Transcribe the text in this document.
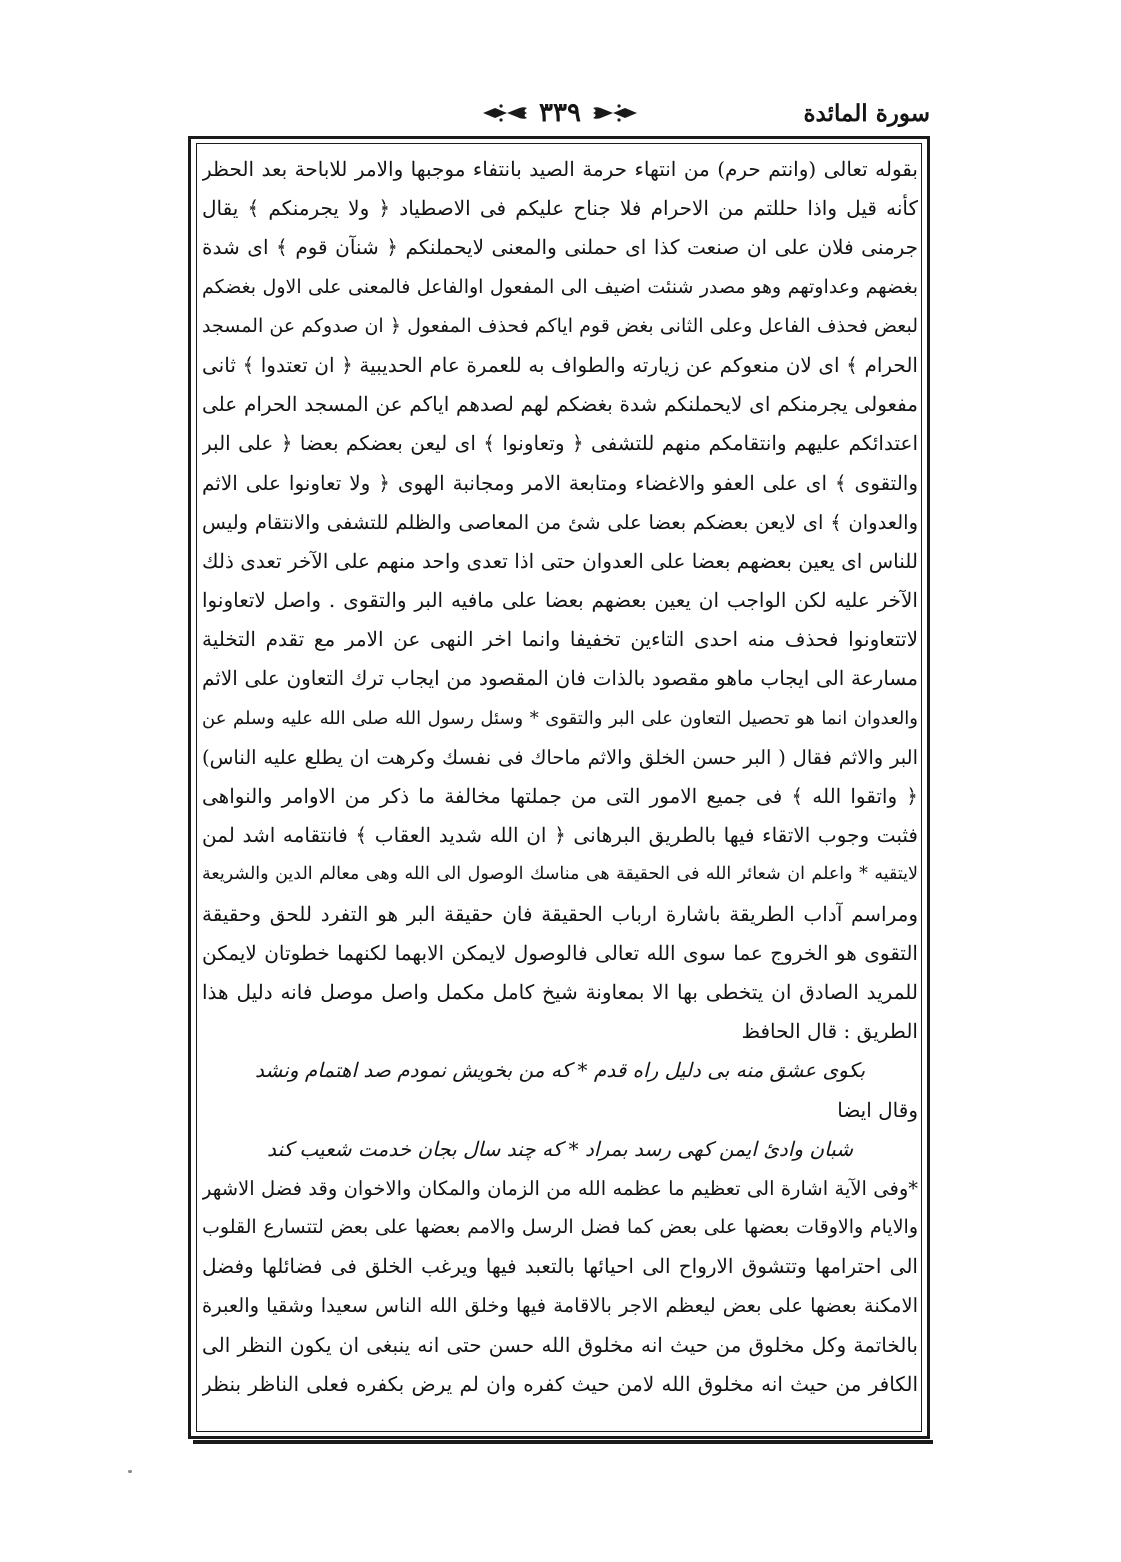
سورة المائدة
٣٣٩
بقوله تعالى (وانتم حرم) من انتهاء حرمة الصيد بانتفاء موجبها والامر للاباحة بعد الحظر
كأنه قيل واذا حللتم من الاحرام فلا جناح عليكم فى الاصطياد ﴿ ولا يجرمنكم ﴾ يقال
جرمنى فلان على ان صنعت كذا اى حملنى والمعنى لايحملنكم ﴿ شنآن قوم ﴾ اى شدة
بغضهم وعداوتهم وهو مصدر شنئت اضيف الى المفعول اوالفاعل فالمعنى على الاول بغضكم
لبعض فحذف الفاعل وعلى الثانى بغض قوم اياكم فحذف المفعول ﴿ ان صدوكم عن المسجد
الحرام ﴾ اى لان منعوكم عن زيارته والطواف به للعمرة عام الحديبية ﴿ ان تعتدوا ﴾ ثانى
مفعولى يجرمنكم اى لايحملنكم شدة بغضكم لهم لصدهم اياكم عن المسجد الحرام على
اعتدائكم عليهم وانتقامكم منهم للتشفى ﴿ وتعاونوا ﴾ اى ليعن بعضكم بعضا ﴿ على البر
والتقوى ﴾ اى على العفو والاغضاء ومتابعة الامر ومجانبة الهوى ﴿ ولا تعاونوا على الاثم
والعدوان ﴾ اى لايعن بعضكم بعضا على شئ من المعاصى والظلم للتشفى والانتقام وليس
للناس اى يعين بعضهم بعضا على العدوان حتى اذا تعدى واحد منهم على الآخر تعدى ذلك
الآخر عليه لكن الواجب ان يعين بعضهم بعضا على مافيه البر والتقوى . واصل لاتعاونوا
لاتتعاونوا فحذف منه احدى التاءين تخفيفا وانما اخر النهى عن الامر مع تقدم التخلية
مسارعة الى ايجاب ماهو مقصود بالذات فان المقصود من ايجاب ترك التعاون على الاثم
والعدوان انما هو تحصيل التعاون على البر والتقوى * وسئل رسول الله صلى الله عليه وسلم عن
البر والاثم فقال ( البر حسن الخلق والاثم ماحاك فى نفسك وكرهت ان يطلع عليه الناس)
﴿ واتقوا الله ﴾ فى جميع الامور التى من جملتها مخالفة ما ذكر من الاوامر والنواهى
فثبت وجوب الاتقاء فيها بالطريق البرهانى ﴿ ان الله شديد العقاب ﴾ فانتقامه اشد لمن
لايتقيه * واعلم ان شعائر الله فى الحقيقة هى مناسك الوصول الى الله وهى معالم الدين والشريعة
ومراسم آداب الطريقة باشارة ارباب الحقيقة فان حقيقة البر هو التفرد للحق وحقيقة
التقوى هو الخروج عما سوى الله تعالى فالوصول لايمكن الابهما لكنهما خطوتان لايمكن
للمريد الصادق ان يتخطى بها الا بمعاونة شيخ كامل مكمل واصل موصل فانه دليل هذا
الطريق : قال الحافظ
بكوى عشق منه بى دليل راه قدم * كه من بخويش نمودم صد اهتمام ونشد
وقال ايضا
شبان وادئ ايمن كهى رسد بمراد * كه چند سال بجان خدمت شعيب كند
*وفى الآية اشارة الى تعظيم ما عظمه الله من الزمان والمكان والاخوان وقد فضل الاشهر
والايام والاوقات بعضها على بعض كما فضل الرسل والامم بعضها على بعض لتتسارع القلوب
الى احترامها وتتشوق الارواح الى احيائها بالتعبد فيها ويرغب الخلق فى فضائلها وفضل
الامكنة بعضها على بعض ليعظم الاجر بالاقامة فيها وخلق الله الناس سعيدا وشقيا والعبرة
بالخاتمة وكل مخلوق من حيث انه مخلوق الله حسن حتى انه ينبغى ان يكون النظر الى
الكافر من حيث انه مخلوق الله لامن حيث كفره وان لم يرض بكفره فعلى الناظر بنظر
